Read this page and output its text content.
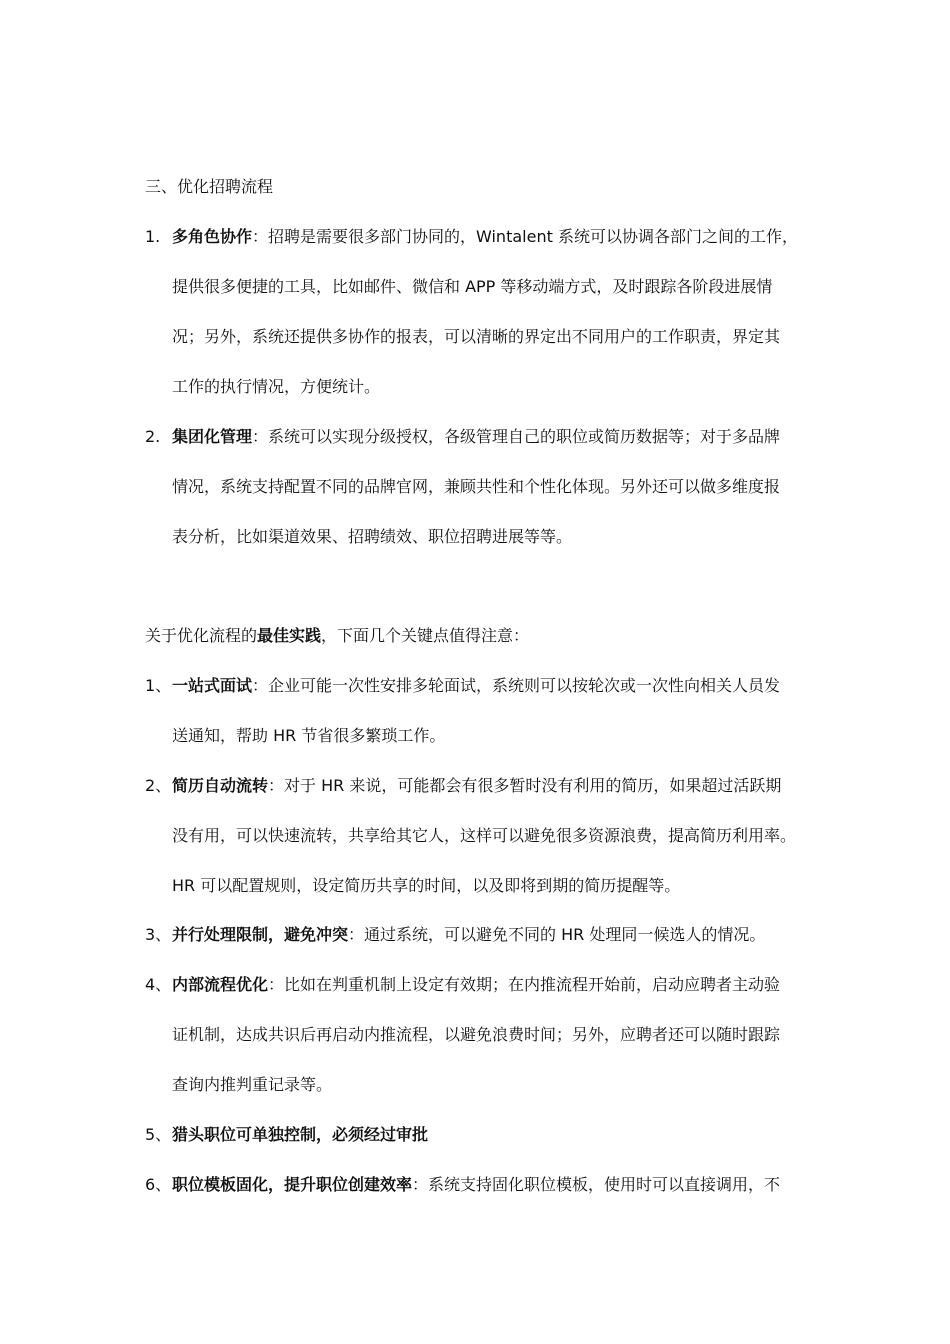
三、优化招聘流程
1. 多角色协作：招聘是需要很多部门协同的，Wintalent 系统可以协调各部门之间的工作，
提供很多便捷的工具，比如邮件、微信和 APP 等移动端方式，及时跟踪各阶段进展情
况；另外，系统还提供多协作的报表，可以清晰的界定出不同用户的工作职责，界定其
工作的执行情况，方便统计。
2. 集团化管理：系统可以实现分级授权，各级管理自己的职位或简历数据等；对于多品牌
情况，系统支持配置不同的品牌官网，兼顾共性和个性化体现。另外还可以做多维度报
表分析，比如渠道效果、招聘绩效、职位招聘进展等等。
关于优化流程的最佳实践，下面几个关键点值得注意：
1、 一站式面试：企业可能一次性安排多轮面试，系统则可以按轮次或一次性向相关人员发
送通知，帮助 HR 节省很多繁琐工作。
2、 简历自动流转：对于 HR 来说，可能都会有很多暂时没有利用的简历，如果超过活跃期
没有用，可以快速流转，共享给其它人，这样可以避免很多资源浪费，提高简历利用率。
HR 可以配置规则，设定简历共享的时间，以及即将到期的简历提醒等。
3、 并行处理限制，避免冲突：通过系统，可以避免不同的 HR 处理同一候选人的情况。
4、 内部流程优化：比如在判重机制上设定有效期；在内推流程开始前，启动应聘者主动验
证机制，达成共识后再启动内推流程，以避免浪费时间；另外，应聘者还可以随时跟踪
查询内推判重记录等。
5、 猎头职位可单独控制，必须经过审批
6、 职位模板固化，提升职位创建效率：系统支持固化职位模板，使用时可以直接调用，不
